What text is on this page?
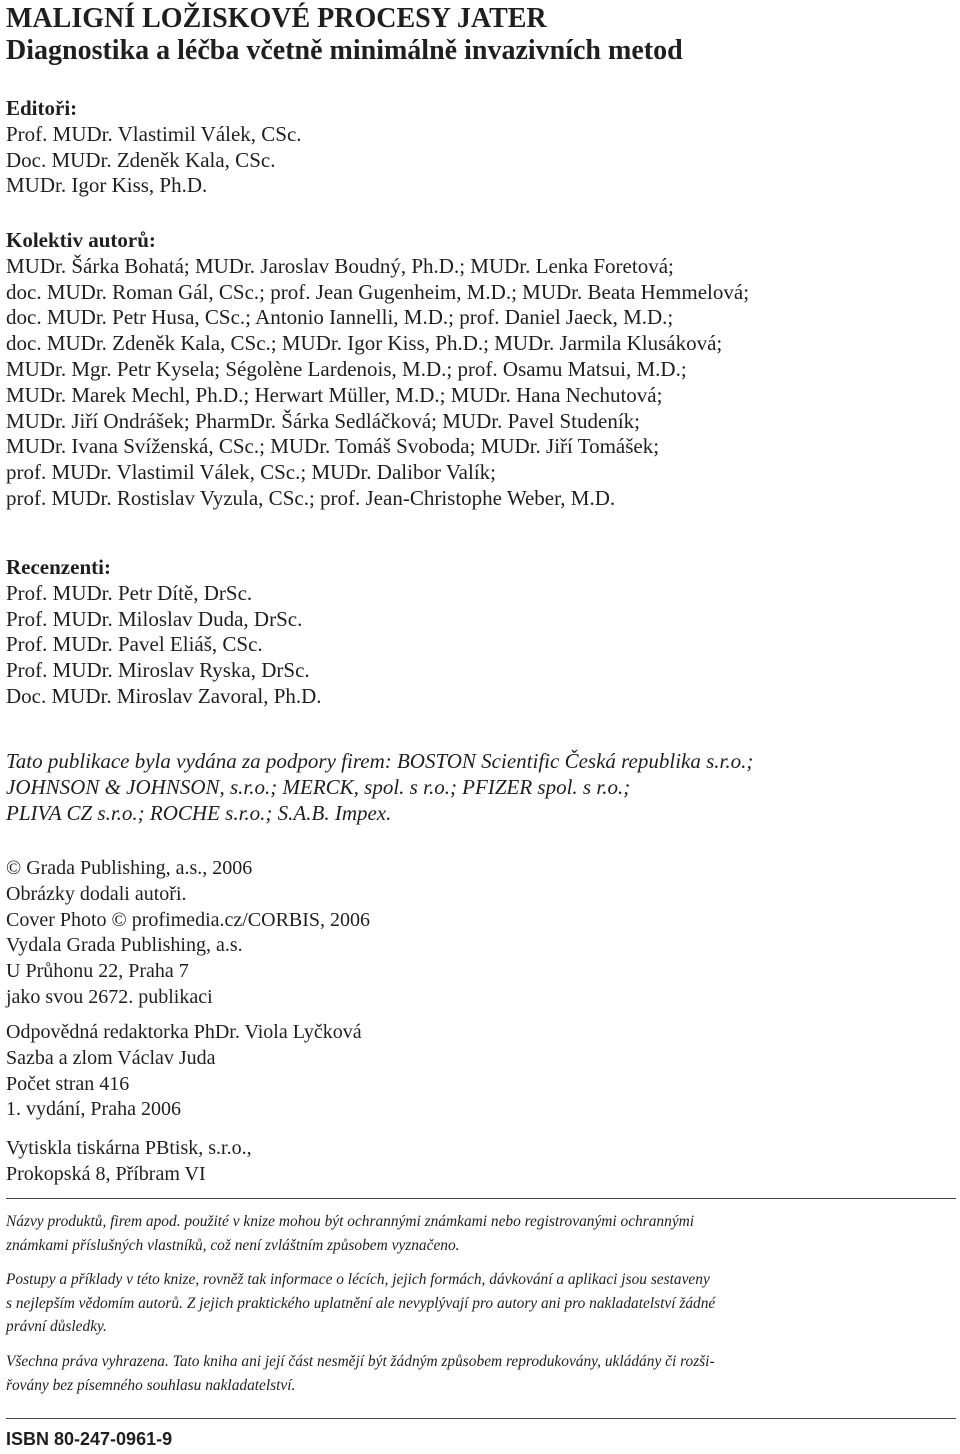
MALIGNÍ LOŽISKOVÉ PROCESY JATER
Diagnostika a léčba včetně minimálně invazivních metod
Editoři:
Prof. MUDr. Vlastimil Válek, CSc.
Doc. MUDr. Zdeněk Kala, CSc.
MUDr. Igor Kiss, Ph.D.
Kolektiv autorů:
MUDr. Šárka Bohatá; MUDr. Jaroslav Boudný, Ph.D.; MUDr. Lenka Foretová;
doc. MUDr. Roman Gál, CSc.; prof. Jean Gugenheim, M.D.; MUDr. Beata Hemmelová;
doc. MUDr. Petr Husa, CSc.; Antonio Iannelli, M.D.; prof. Daniel Jaeck, M.D.;
doc. MUDr. Zdeněk Kala, CSc.; MUDr. Igor Kiss, Ph.D.; MUDr. Jarmila Klusáková;
MUDr. Mgr. Petr Kysela; Ségolène Lardenois, M.D.; prof. Osamu Matsui, M.D.;
MUDr. Marek Mechl, Ph.D.; Herwart Müller, M.D.; MUDr. Hana Nechutová;
MUDr. Jiří Ondrášek; PharmDr. Šárka Sedláčková; MUDr. Pavel Studeník;
MUDr. Ivana Svíženská, CSc.; MUDr. Tomáš Svoboda; MUDr. Jiří Tomášek;
prof. MUDr. Vlastimil Válek, CSc.; MUDr. Dalibor Valík;
prof. MUDr. Rostislav Vyzula, CSc.; prof. Jean-Christophe Weber, M.D.
Recenzenti:
Prof. MUDr. Petr Dítě, DrSc.
Prof. MUDr. Miloslav Duda, DrSc.
Prof. MUDr. Pavel Eliáš, CSc.
Prof. MUDr. Miroslav Ryska, DrSc.
Doc. MUDr. Miroslav Zavoral, Ph.D.
Tato publikace byla vydána za podpory firem: BOSTON Scientific Česká republika s.r.o.;
JOHNSON & JOHNSON, s.r.o.; MERCK, spol. s r.o.; PFIZER spol. s r.o.;
PLIVA CZ s.r.o.; ROCHE s.r.o.; S.A.B. Impex.
© Grada Publishing, a.s., 2006
Obrázky dodali autoři.
Cover Photo © profimedia.cz/CORBIS, 2006
Vydala Grada Publishing, a.s.
U Průhonu 22, Praha 7
jako svou 2672. publikaci
Odpovědná redaktorka PhDr. Viola Lyčková
Sazba a zlom Václav Juda
Počet stran 416
1. vydání, Praha 2006
Vytiskla tiskárna PBtisk, s.r.o.,
Prokopská 8, Příbram VI
Názvy produktů, firem apod. použité v knize mohou být ochrannými známkami nebo registrovanými ochrannými
známkami příslušných vlastníků, což není zvláštním způsobem vyznačeno.
Postupy a příklady v této knize, rovněž tak informace o lécích, jejich formách, dávkování a aplikaci jsou sestaveny
s nejlepším vědomím autorů. Z jejich praktického uplatnění ale nevyplývají pro autory ani pro nakladatelství žádné
právní důsledky.
Všechna práva vyhrazena. Tato kniha ani její část nesmějí být žádným způsobem reprodukovány, ukládány či rozši-
řovány bez písemného souhlasu nakladatelství.
ISBN 80-247-0961-9
